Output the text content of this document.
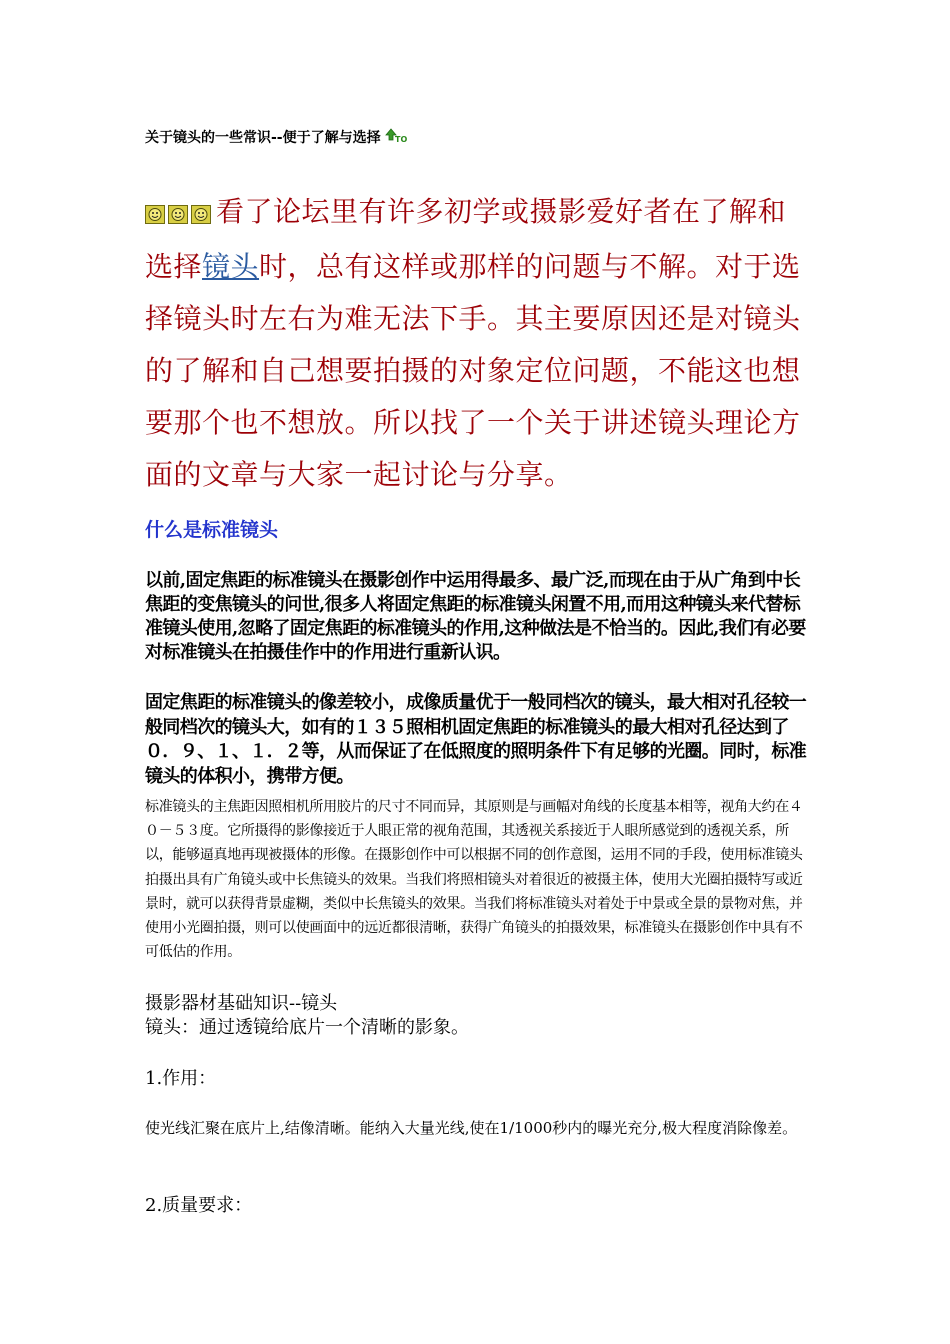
关于镜头的一些常识--便于了解与选择 TO
看了论坛里有许多初学或摄影爱好者在了解和选择镜头时，总有这样或那样的问题与不解。对于选择镜头时左右为难无法下手。其主要原因还是对镜头的了解和自己想要拍摄的对象定位问题，不能这也想要那个也不想放。所以找了一个关于讲述镜头理论方面的文章与大家一起讨论与分享。
什么是标准镜头
以前,固定焦距的标准镜头在摄影创作中运用得最多、最广泛,而现在由于从广角到中长焦距的变焦镜头的问世,很多人将固定焦距的标准镜头闲置不用,而用这种镜头来代替标准镜头使用,忽略了固定焦距的标准镜头的作用,这种做法是不恰当的。因此,我们有必要对标准镜头在拍摄佳作中的作用进行重新认识。
固定焦距的标准镜头的像差较小，成像质量优于一般同档次的镜头，最大相对孔径较一般同档次的镜头大，如有的１３５照相机固定焦距的标准镜头的最大相对孔径达到了０．９、１、１．２等，从而保证了在低照度的照明条件下有足够的光圈。同时，标准镜头的体积小，携带方便。
标准镜头的主焦距因照相机所用胶片的尺寸不同而异，其原则是与画幅对角线的长度基本相等，视角大约在４０－５３度。它所摄得的影像接近于人眼正常的视角范围，其透视关系接近于人眼所感觉到的透视关系，所以，能够逼真地再现被摄体的形像。在摄影创作中可以根据不同的创作意图，运用不同的手段，使用标准镜头拍摄出具有广角镜头或中长焦镜头的效果。当我们将照相镜头对着很近的被摄主体，使用大光圈拍摄特写或近景时，就可以获得背景虚糊，类似中长焦镜头的效果。当我们将标准镜头对着处于中景或全景的景物对焦，并使用小光圈拍摄，则可以使画面中的远近都很清晰，获得广角镜头的拍摄效果，标准镜头在摄影创作中具有不可低估的作用。
摄影器材基础知识--镜头
镜头：通过透镜给底片一个清晰的影象。
1.作用：
使光线汇聚在底片上,结像清晰。能纳入大量光线,使在1/1000秒内的曝光充分,极大程度消除像差。
2.质量要求：
